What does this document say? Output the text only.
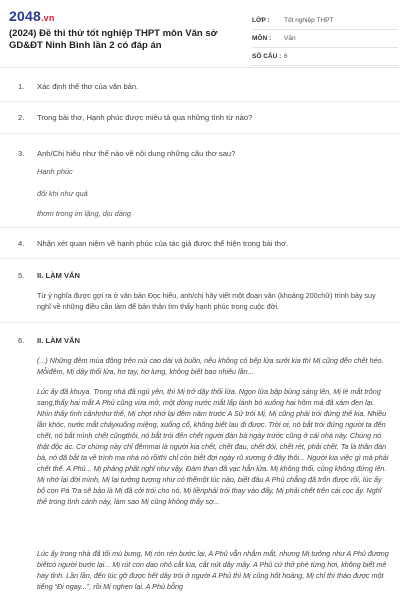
2048.vn
(2024) Đề thi thử tốt nghiệp THPT môn Văn sở GD&ĐT Ninh Bình lần 2 có đáp án
LỚP :	Tốt nghiệp THPT
MÔN :	Văn
SỐ CÂU : 6
1. Xác định thể thơ của văn bản.
2. Trong bài thơ, Hạnh phúc được miêu tả qua những tình từ nào?
3. Anh/Chị hiểu như thế nào về nội dung những câu thơ sau?
Hạnh phúc
đôi khi như quả
thơm trong im lặng, dịu dàng
4. Nhận xét quan niệm về hạnh phúc của tác giả được thể hiện trong bài thơ.
5. II. LÀM VĂN
Từ ý nghĩa được gợi ra ở văn bản Đọc hiểu, anh/chị hãy viết một đoạn văn (khoảng 200chữ) trình bày suy nghĩ về những điều cần làm để bản thân tìm thấy hạnh phúc trong cuộc đời.
6. II. LÀM VĂN
(...) Những đêm mùa đông trên núi cao dài và buồn, nếu không có bếp lửa sưởi kia thì Mị cũng đến chết héo. Mỗiđêm, Mị dậy thổi lửa, hơ tay, hơ lưng, không biết bao nhiêu lần...
Lúc ấy đã khuya. Trong nhà đã ngủ yên, thì Mị trở dậy thổi lửa. Ngọn lửa bập bùng sáng lên, Mị lé mắt trông sang,thấy hai mắt A Phủ cũng vừa mở, một dòng nước mắt lấp lánh bò xuống hai hõm má đã xám đen lại. Nhìn thấy tình cảnhnhư thế, Mị chợt nhớ lại đêm năm trước A Sử trói Mị, Mị cũng phải trói đứng thế kia. Nhiều lần khóc, nước mắt chảyxuống miệng, xuống cổ, không biết lau đi được. Trời ơi, nó bắt trói đứng người ta đến chết, nó bắt mình chết cũngthôi, nó bắt trói đến chết người đàn bà ngày trước cũng ở cái nhà này. Chúng nó thật độc ác. Cơ chừng này chỉ đêmmai là người kia chết, chết đau, chết đói, chết rét, phải chết. Ta là thân đàn bà, nó đã bắt ta về trình ma nhà nó rồithì chỉ còn biết đợi ngày rũ xương ở đây thôi... Người kia việc gì mà phải chết thế. A Phủ... Mị phảng phất nghĩ như vậy. Đám than đã vạc hẳn lửa. Mị không thổi, cũng không đứng lên. Mị nhớ lại đời mình, Mị lại tưởng tượng như có thểmột lúc nào, biết đâu A Phủ chẳng đã trốn được rồi, lúc ấy bố con Pá Tra sẽ bảo là Mị đã cởi trói cho nó, Mị liềnphải trói thay vào đấy, Mị phải chết trên cái cọc ấy. Nghĩ thế trong tình cảnh này, làm sao Mị cũng không thấy sợ...
Lúc ấy trong nhà đã tối mù bưng, Mị rón rén bước lại, A Phủ vẫn nhắm mắt, nhưng Mị tưởng như A Phủ đương biếtcó người bước lại... Mị rút con dao nhỏ cắt lúa, cắt nút dây mây. A Phủ cứ thở phè từng hơi, không biết mê hay tỉnh. Lần lần, đến lúc gỡ được hết dây trói ở người A Phủ thì Mị cũng hốt hoảng, Mị chỉ thì thào được một tiếng “Đi ngay...”, rồi Mị nghẹn lại. A Phủ bỗng
